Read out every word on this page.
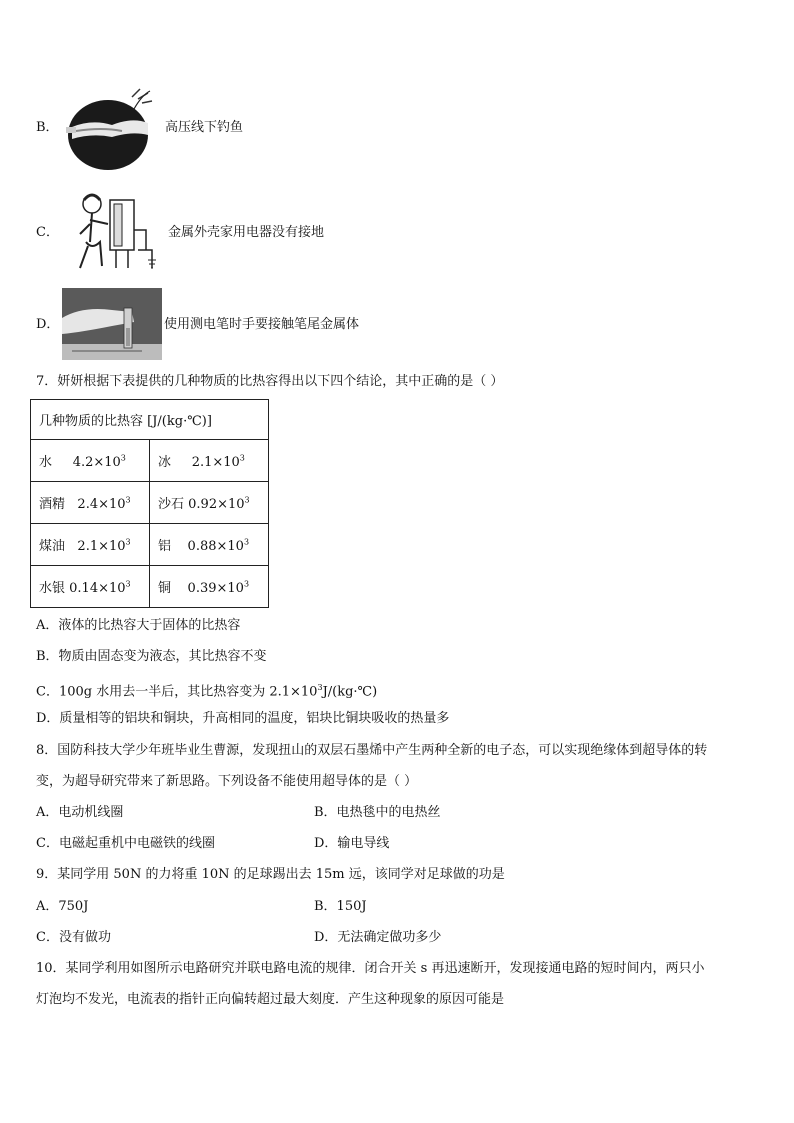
B．	高压线下钓鱼
C．	金属外壳家用电器没有接地
D．	使用测电笔时手要接触笔尾金属体
7．妍妍根据下表提供的几种物质的比热容得出以下四个结论，其中正确的是（ ）
几种物质的比热容 [J/(kg·℃)]	
水 $4.2\times 10^3$	冰 $2.1\times 10^3$
酒精 $2.4\times 10^3$	沙石 $0.92\times 10^3$
煤油 $2.1\times 10^3$	铝 $0.88\times 10^3$
水银 $0.14\times 10^3$	铜 $0.39\times 10^3$
A．液体的比热容大于固体的比热容
B．物质由固态变为液态，其比热容不变
C．100g 水用去一半后，其比热容变为 $2.1\times 10^3J/(kg\cdot℃)$
D．质量相等的铝块和铜块，升高相同的温度，铝块比铜块吸收的热量多
8．国防科技大学少年班毕业生曹源，发现扭山的双层石墨烯中产生两种全新的电子态，可以实现绝缘体到超导体的转
变，为超导研究带来了新思路。下列设备不能使用超导体的是（ ）
A．电动机线圈	B．电热毯中的电热丝
C．电磁起重机中电磁铁的线圈	D．输电导线
9．某同学用 50N 的力将重 10N 的足球踢出去 15m 远，该同学对足球做的功是
A．750J	B．150J
C．没有做功	D．无法确定做功多少
10．某同学利用如图所示电路研究并联电路电流的规律．闭合开关 s 再迅速断开，发现接通电路的短时间内，两只小
灯泡均不发光，电流表的指针正向偏转超过最大刻度．产生这种现象的原因可能是
